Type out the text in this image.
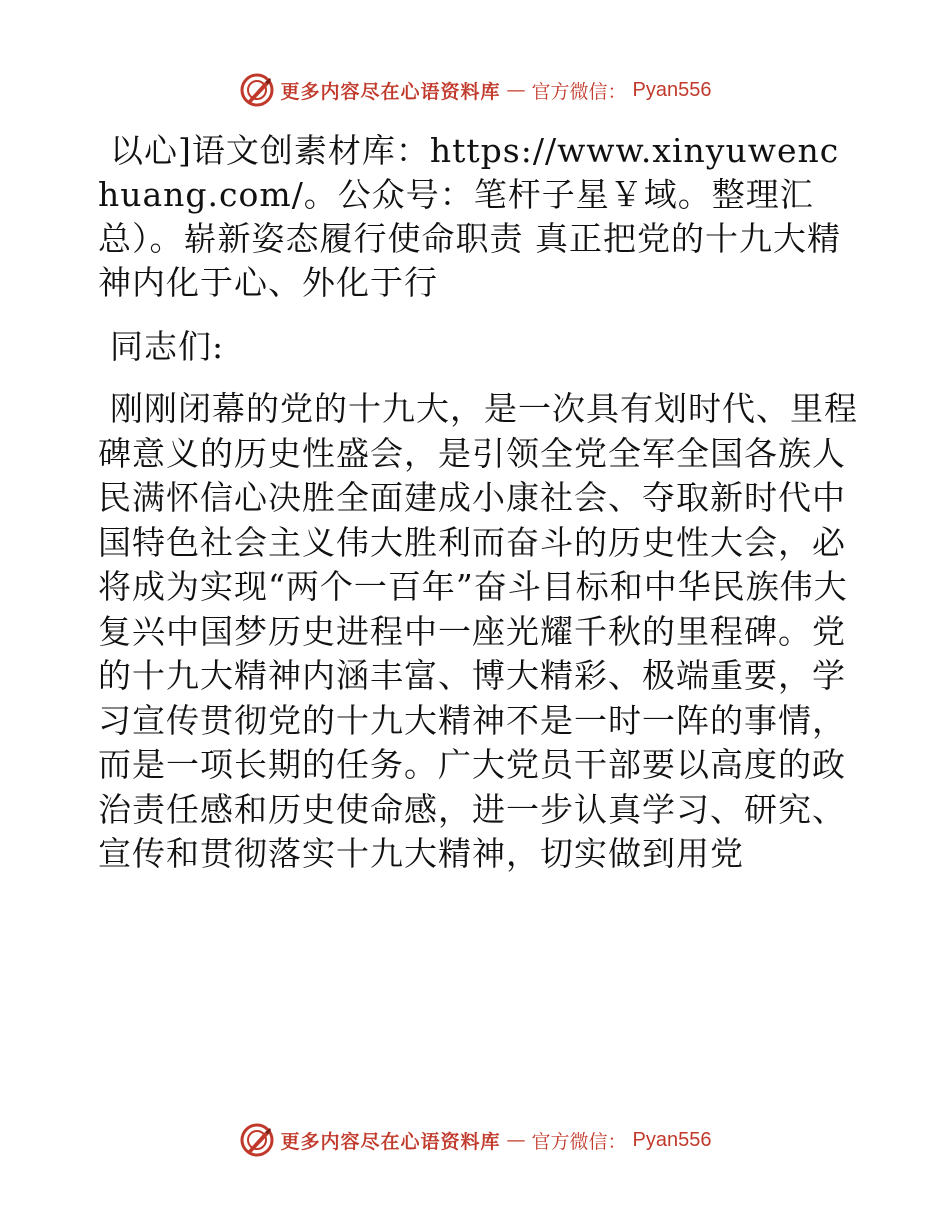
更多内容尽在心语资料库 — 官方微信： Pyan556

以心]语文创素材库：https://www.xinyuwenchuang.com/。公众号：笔杆子星￥域。整理汇总）。崭新姿态履行使命职责 真正把党的十九大精神内化于心、外化于行

同志们:

刚刚闭幕的党的十九大，是一次具有划时代、里程碑意义的历史性盛会，是引领全党全军全国各族人民满怀信心决胜全面建成小康社会、夺取新时代中国特色社会主义伟大胜利而奋斗的历史性大会，必将成为实现“两个一百年”奋斗目标和中华民族伟大复兴中国梦历史进程中一座光耀千秋的里程碑。党的十九大精神内涵丰富、博大精彩、极端重要，学习宣传贯彻党的十九大精神不是一时一阵的事情，而是一项长期的任务。广大党员干部要以高度的政治责任感和历史使命感，进一步认真学习、研究、宣传和贯彻落实十九大精神，切实做到用党

更多内容尽在心语资料库 — 官方微信： Pyan556
